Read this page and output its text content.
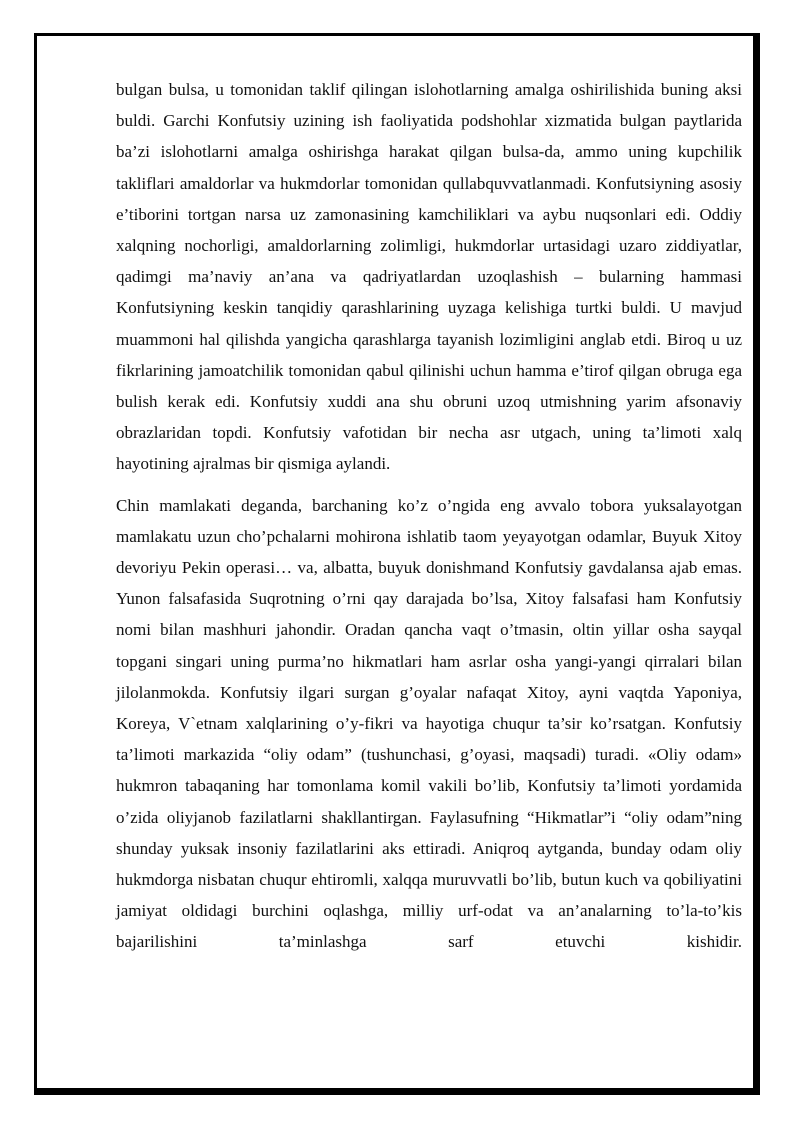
bulgan bulsa, u tomonidan taklif qilingan islohotlarning amalga oshirilishida buning aksi buldi. Garchi Konfutsiy uzining ish faoliyatida podshohlar xizmatida bulgan paytlarida ba’zi islohotlarni amalga oshirishga harakat qilgan bulsa-da, ammo uning kupchilik takliflari amaldorlar va hukmdorlar tomonidan qullabquvvatlanmadi. Konfutsiyning asosiy e’tiborini tortgan narsa uz zamonasining kamchiliklari va aybu nuqsonlari edi. Oddiy xalqning nochorligi, amaldorlarning zolimligi, hukmdorlar urtasidagi uzaro ziddiyatlar, qadimgi ma’naviy an’ana va qadriyatlardan uzoqlashish – bularning hammasi Konfutsiyning keskin tanqidiy qarashlarining uyzaga kelishiga turtki buldi. U mavjud muammoni hal qilishda yangicha qarashlarga tayanish lozimligini anglab etdi. Biroq u uz fikrlarining jamoatchilik tomonidan qabul qilinishi uchun hamma e’tirof qilgan obruga ega bulish kerak edi. Konfutsiy xuddi ana shu obruni uzoq utmishning yarim afsonaviy obrazlaridan topdi. Konfutsiy vafotidan bir necha asr utgach, uning ta’limoti xalq hayotining ajralmas bir qismiga aylandi.

Chin mamlakati deganda, barchaning ko’z o’ngida eng avvalo tobora yuksalayotgan mamlakatu uzun cho’pchalarni mohirona ishlatib taom yeyayotgan odamlar, Buyuk Xitoy devoriyu Pekin operasi… va, albatta, buyuk donishmand Konfutsiy gavdalansa ajab emas. Yunon falsafasida Suqrotning o’rni qay darajada bo’lsa, Xitoy falsafasi ham Konfutsiy nomi bilan mashhuri jahondir. Oradan qancha vaqt o’tmasin, oltin yillar osha sayqal topgani singari uning purma’no hikmatlari ham asrlar osha yangi-yangi qirralari bilan jilolanmokda. Konfutsiy ilgari surgan g’oyalar nafaqat Xitoy, ayni vaqtda Yaponiya, Koreya, V`etnam xalqlarining o’y-fikri va hayotiga chuqur ta’sir ko’rsatgan. Konfutsiy ta’limoti markazida “oliy odam” (tushunchasi, g’oyasi, maqsadi) turadi. «Oliy odam» hukmron tabaqaning har tomonlama komil vakili bo’lib, Konfutsiy ta’limoti yordamida o’zida oliyjanob fazilatlarni shakllantirgan. Faylasufning “Hikmatlar”i “oliy odam”ning shunday yuksak insoniy fazilatlarini aks ettiradi. Aniqroq aytganda, bunday odam oliy hukmdorga nisbatan chuqur ehtiromli, xalqqa muruvvatli bo’lib, butun kuch va qobiliyatini jamiyat oldidagi burchini oqlashga, milliy urf-odat va an’analarning to’la-to’kis bajarilishini ta’minlashga sarf etuvchi kishidir.
